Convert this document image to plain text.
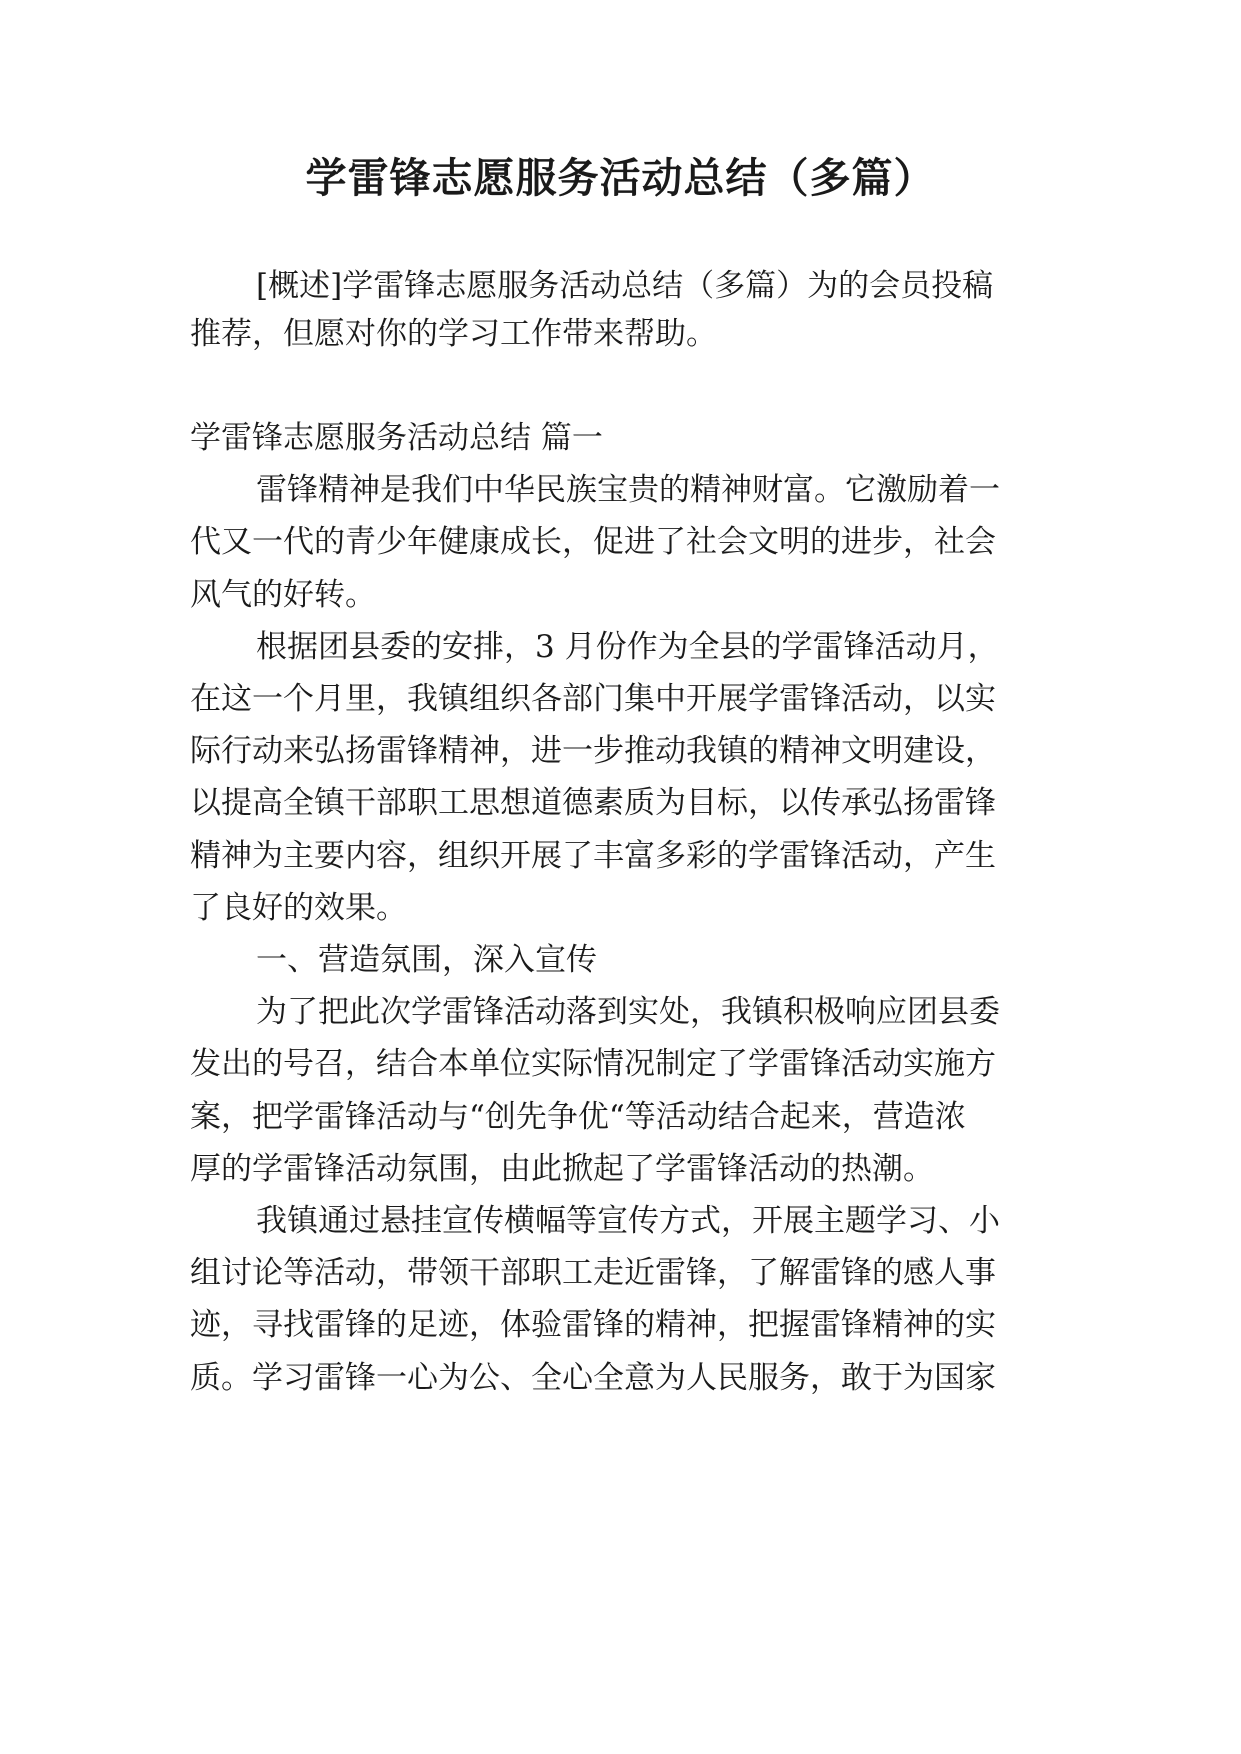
学雷锋志愿服务活动总结（多篇）
[概述]学雷锋志愿服务活动总结（多篇）为的会员投稿
推荐，但愿对你的学习工作带来帮助。
学雷锋志愿服务活动总结 篇一
雷锋精神是我们中华民族宝贵的精神财富。它激励着一
代又一代的青少年健康成长，促进了社会文明的进步，社会
风气的好转。
根据团县委的安排，3 月份作为全县的学雷锋活动月，
在这一个月里，我镇组织各部门集中开展学雷锋活动，以实
际行动来弘扬雷锋精神，进一步推动我镇的精神文明建设，
以提高全镇干部职工思想道德素质为目标，以传承弘扬雷锋
精神为主要内容，组织开展了丰富多彩的学雷锋活动，产生
了良好的效果。
一、营造氛围，深入宣传
为了把此次学雷锋活动落到实处，我镇积极响应团县委
发出的号召，结合本单位实际情况制定了学雷锋活动实施方
案，把学雷锋活动与“创先争优“等活动结合起来，营造浓
厚的学雷锋活动氛围，由此掀起了学雷锋活动的热潮。
我镇通过悬挂宣传横幅等宣传方式，开展主题学习、小
组讨论等活动，带领干部职工走近雷锋，了解雷锋的感人事
迹，寻找雷锋的足迹，体验雷锋的精神，把握雷锋精神的实
质。学习雷锋一心为公、全心全意为人民服务，敢于为国家
